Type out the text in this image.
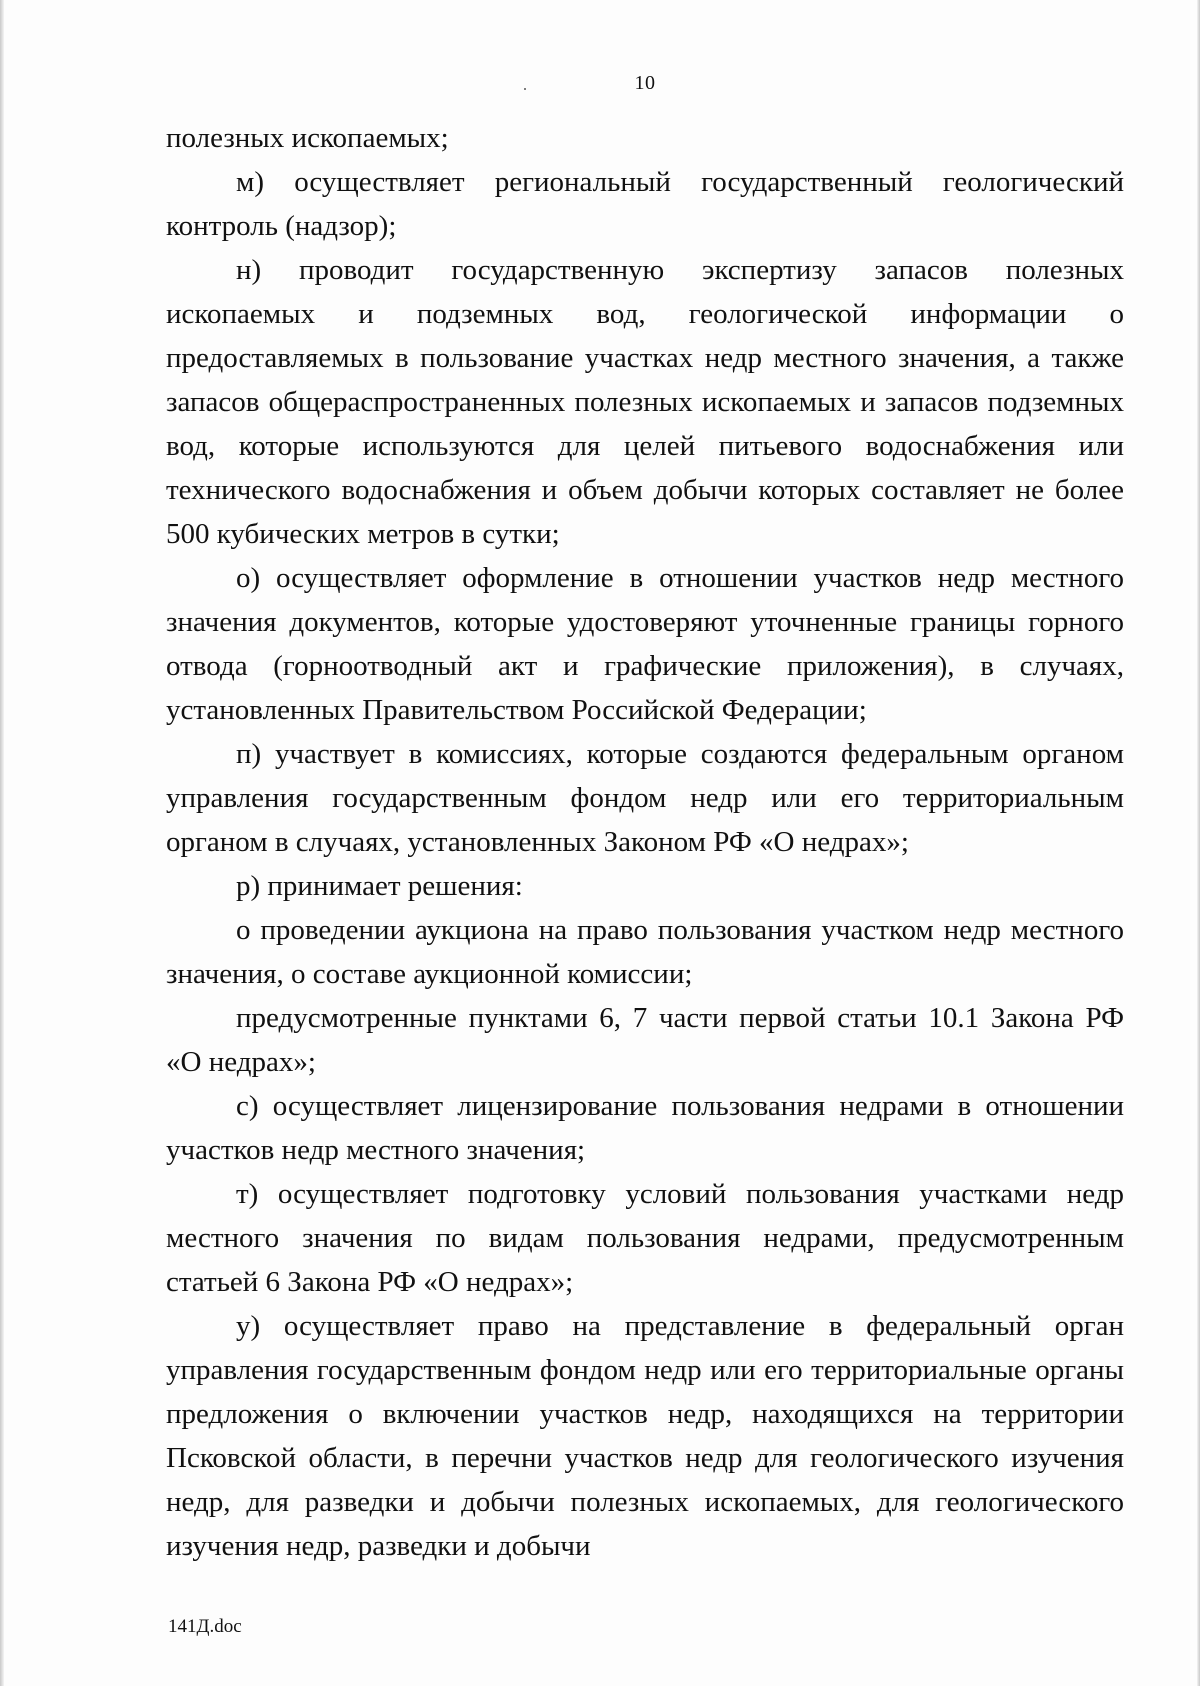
10

полезных ископаемых;

м) осуществляет региональный государственный геологический контроль (надзор);

н) проводит государственную экспертизу запасов полезных ископаемых и подземных вод, геологической информации о предоставляемых в пользование участках недр местного значения, а также запасов общераспространенных полезных ископаемых и запасов подземных вод, которые используются для целей питьевого водоснабжения или технического водоснабжения и объем добычи которых составляет не более 500 кубических метров в сутки;

о) осуществляет оформление в отношении участков недр местного значения документов, которые удостоверяют уточненные границы горного отвода (горноотводный акт и графические приложения), в случаях, установленных Правительством Российской Федерации;

п) участвует в комиссиях, которые создаются федеральным органом управления государственным фондом недр или его территориальным органом в случаях, установленных Законом РФ «О недрах»;

р) принимает решения:

о проведении аукциона на право пользования участком недр местного значения, о составе аукционной комиссии;

предусмотренные пунктами 6, 7 части первой статьи 10.1 Закона РФ «О недрах»;

с) осуществляет лицензирование пользования недрами в отношении участков недр местного значения;

т) осуществляет подготовку условий пользования участками недр местного значения по видам пользования недрами, предусмотренным статьей 6 Закона РФ «О недрах»;

у) осуществляет право на представление в федеральный орган управления государственным фондом недр или его территориальные органы предложения о включении участков недр, находящихся на территории Псковской области, в перечни участков недр для геологического изучения недр, для разведки и добычи полезных ископаемых, для геологического изучения недр, разведки и добычи

141Д.doc
